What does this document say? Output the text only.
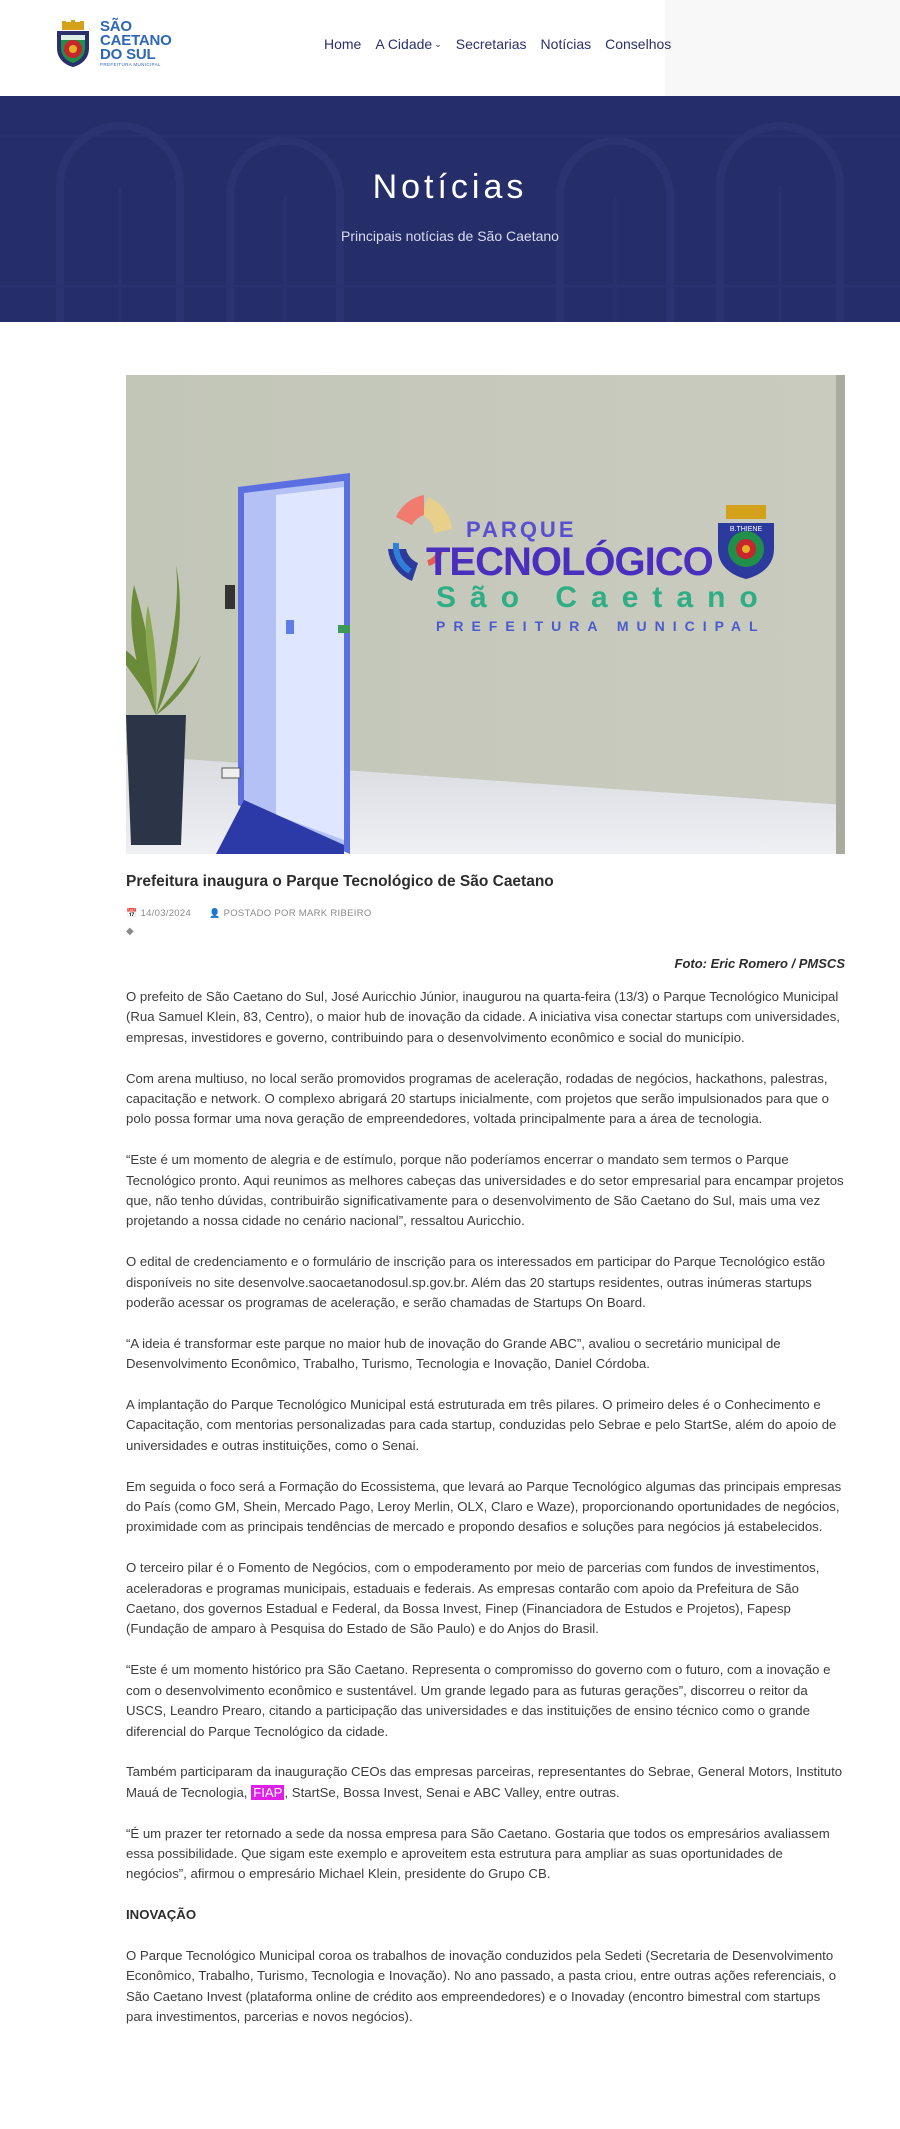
SÃO
CAETANO
DO SUL
PREFEITURA MUNICIPAL
Home A Cidade ⌄ Secretarias Notícias Conselhos
Notícias
Principais notícias de São Caetano
PARQUE
TECNOLÓGICO
São Caetano
PREFEITURA MUNICIPAL
B.THIENE
Prefeitura inaugura o Parque Tecnológico de São Caetano
📅 14/03/2024 👤 POSTADO POR MARK RIBEIRO
◆
Foto: Eric Romero / PMSCS

O prefeito de São Caetano do Sul, José Auricchio Júnior, inaugurou na quarta-feira (13/3) o Parque Tecnológico Municipal (Rua Samuel Klein, 83, Centro), o maior hub de inovação da cidade. A iniciativa visa conectar startups com universidades, empresas, investidores e governo, contribuindo para o desenvolvimento econômico e social do município.

Com arena multiuso, no local serão promovidos programas de aceleração, rodadas de negócios, hackathons, palestras, capacitação e network. O complexo abrigará 20 startups inicialmente, com projetos que serão impulsionados para que o polo possa formar uma nova geração de empreendedores, voltada principalmente para a área de tecnologia.

“Este é um momento de alegria e de estímulo, porque não poderíamos encerrar o mandato sem termos o Parque Tecnológico pronto. Aqui reunimos as melhores cabeças das universidades e do setor empresarial para encampar projetos que, não tenho dúvidas, contribuirão significativamente para o desenvolvimento de São Caetano do Sul, mais uma vez projetando a nossa cidade no cenário nacional”, ressaltou Auricchio.

O edital de credenciamento e o formulário de inscrição para os interessados em participar do Parque Tecnológico estão disponíveis no site desenvolve.saocaetanodosul.sp.gov.br. Além das 20 startups residentes, outras inúmeras startups poderão acessar os programas de aceleração, e serão chamadas de Startups On Board.

“A ideia é transformar este parque no maior hub de inovação do Grande ABC”, avaliou o secretário municipal de Desenvolvimento Econômico, Trabalho, Turismo, Tecnologia e Inovação, Daniel Córdoba.

A implantação do Parque Tecnológico Municipal está estruturada em três pilares. O primeiro deles é o Conhecimento e Capacitação, com mentorias personalizadas para cada startup, conduzidas pelo Sebrae e pelo StartSe, além do apoio de universidades e outras instituições, como o Senai.

Em seguida o foco será a Formação do Ecossistema, que levará ao Parque Tecnológico algumas das principais empresas do País (como GM, Shein, Mercado Pago, Leroy Merlin, OLX, Claro e Waze), proporcionando oportunidades de negócios, proximidade com as principais tendências de mercado e propondo desafios e soluções para negócios já estabelecidos.

O terceiro pilar é o Fomento de Negócios, com o empoderamento por meio de parcerias com fundos de investimentos, aceleradoras e programas municipais, estaduais e federais. As empresas contarão com apoio da Prefeitura de São Caetano, dos governos Estadual e Federal, da Bossa Invest, Finep (Financiadora de Estudos e Projetos), Fapesp (Fundação de amparo à Pesquisa do Estado de São Paulo) e do Anjos do Brasil.

“Este é um momento histórico pra São Caetano. Representa o compromisso do governo com o futuro, com a inovação e com o desenvolvimento econômico e sustentável. Um grande legado para as futuras gerações”, discorreu o reitor da USCS, Leandro Prearo, citando a participação das universidades e das instituições de ensino técnico como o grande diferencial do Parque Tecnológico da cidade.

Também participaram da inauguração CEOs das empresas parceiras, representantes do Sebrae, General Motors, Instituto Mauá de Tecnologia, FIAP , StartSe, Bossa Invest, Senai e ABC Valley, entre outras.

“É um prazer ter retornado a sede da nossa empresa para São Caetano. Gostaria que todos os empresários avaliassem essa possibilidade. Que sigam este exemplo e aproveitem esta estrutura para ampliar as suas oportunidades de negócios”, afirmou o empresário Michael Klein, presidente do Grupo CB.

INOVAÇÃO

O Parque Tecnológico Municipal coroa os trabalhos de inovação conduzidos pela Sedeti (Secretaria de Desenvolvimento Econômico, Trabalho, Turismo, Tecnologia e Inovação). No ano passado, a pasta criou, entre outras ações referenciais, o São Caetano Invest (plataforma online de crédito aos empreendedores) e o Inovaday (encontro bimestral com startups para investimentos, parcerias e novos negócios).
